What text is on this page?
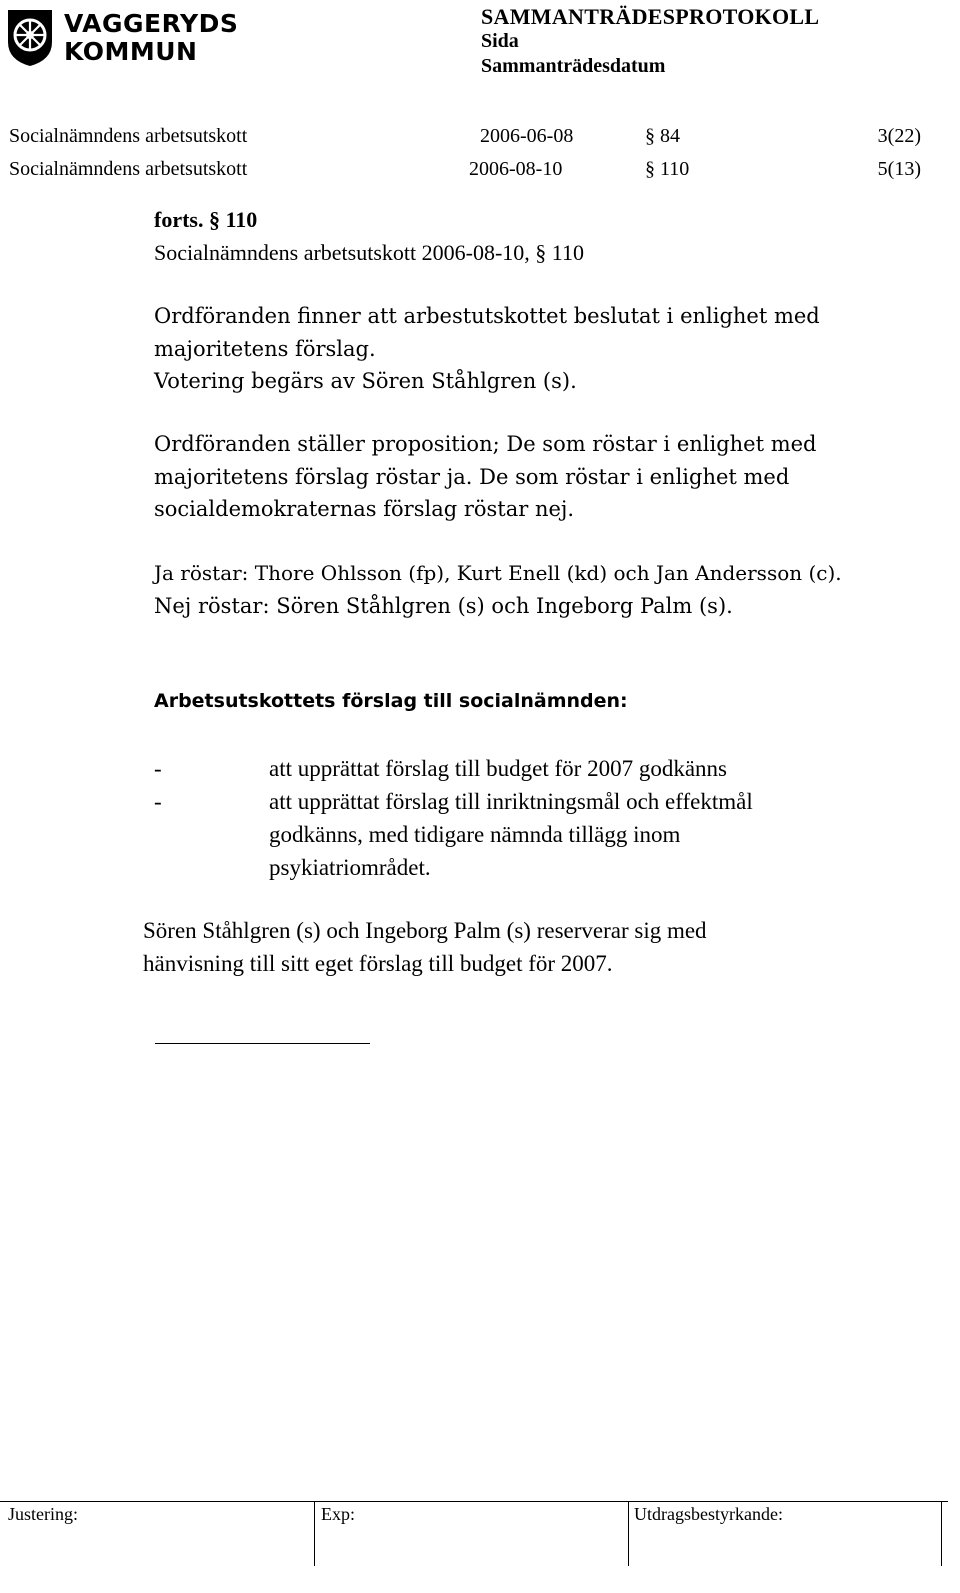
VAGGERYDS
KOMMUN
SAMMANTRÄDESPROTOKOLL
Sida
Sammanträdesdatum
Socialnämndens arbetsutskott	2006-06-08	§ 84	3(22)
Socialnämndens arbetsutskott	2006-08-10	§ 110	5(13)
forts. § 110
Socialnämndens arbetsutskott 2006-08-10, § 110
Ordföranden finner att arbestutskottet beslutat i enlighet med
majoritetens förslag.
Votering begärs av Sören Ståhlgren (s).
Ordföranden ställer proposition; De som röstar i enlighet med
majoritetens förslag röstar ja. De som röstar i enlighet med
socialdemokraternas förslag röstar nej.
Ja röstar: Thore Ohlsson (fp), Kurt Enell (kd) och Jan Andersson (c).
Nej röstar: Sören Ståhlgren (s) och Ingeborg Palm (s).
Arbetsutskottets förslag till socialnämnden:
-	att upprättat förslag till budget för 2007 godkänns
-	att upprättat förslag till inriktningsmål och effektmål
godkänns, med tidigare nämnda tillägg inom
psykiatriområdet.
Sören Ståhlgren (s) och Ingeborg Palm (s) reserverar sig med
hänvisning till sitt eget förslag till budget för 2007.
Justering:	Exp:	Utdragsbestyrkande:
